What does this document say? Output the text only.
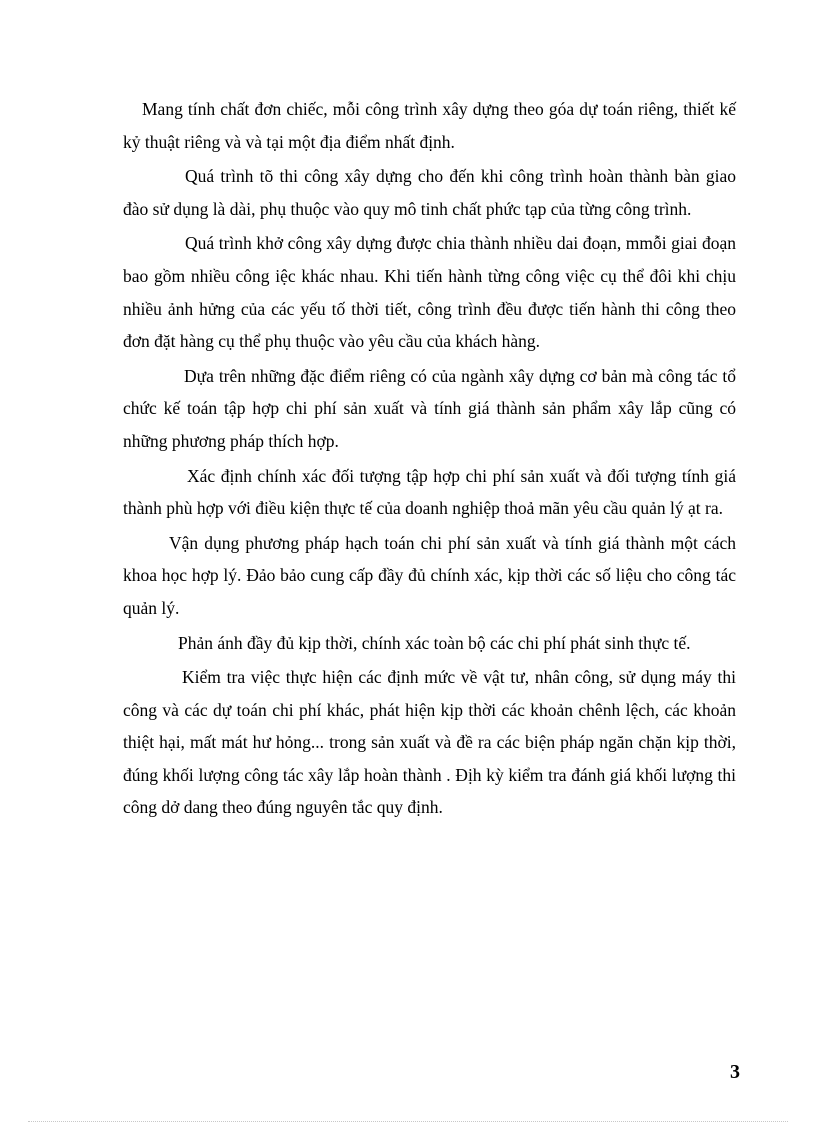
Mang tính chất đơn chiếc, mỗi công trình xây dựng theo góa dự toán riêng, thiết kế kỷ thuật riêng và và tại một địa điểm nhất định.

Quá trình tõ thi công xây dựng cho đến khi công trình hoàn thành bàn giao đào sử dụng là dài, phụ thuộc vào quy mô tinh chất phức tạp của từng công trình.

Quá trình khở công xây dựng được chia thành nhiều dai đoạn, mmỗi giai đoạn bao gồm nhiều công iệc khác nhau. Khi tiến hành từng công việc cụ thể đôi khi chịu nhiều ảnh hửng của các yếu tố thời tiết, công trình đều được tiến hành thi công theo đơn đặt hàng cụ thể phụ thuộc vào yêu cầu của khách hàng.

Dựa trên những đặc điểm riêng có của ngành xây dựng cơ bản mà công tác tổ chức kế toán tập hợp chi phí sản xuất và tính giá thành sản phẩm xây lắp cũng có những phương pháp thích hợp.

Xác định chính xác đối tượng tập hợp chi phí sản xuất và đối tượng tính giá thành phù hợp với điều kiện thực tế của doanh nghiệp thoả mãn yêu cầu quản lý ạt ra.

Vận dụng phương pháp hạch toán chi phí sản xuất và tính giá thành một cách khoa học hợp lý. Đảo bảo cung cấp đầy đủ chính xác, kịp thời các số liệu cho công tác quản lý.

Phản ánh đầy đủ kịp thời, chính xác toàn bộ các chi phí phát sinh thực tế.

Kiểm tra việc thực hiện các định mức về vật tư, nhân công, sử dụng máy thi công và các dự toán chi phí khác, phát hiện kịp thời các khoản chênh lệch, các khoản thiệt hại, mất mát hư hỏng... trong sản xuất và đề ra các biện pháp ngăn chặn kịp thời, đúng khối lượng công tác xây lắp hoàn thành . Địh kỳ kiểm tra đánh giá khối lượng thi công dở dang theo đúng nguyên tắc quy định.

3
